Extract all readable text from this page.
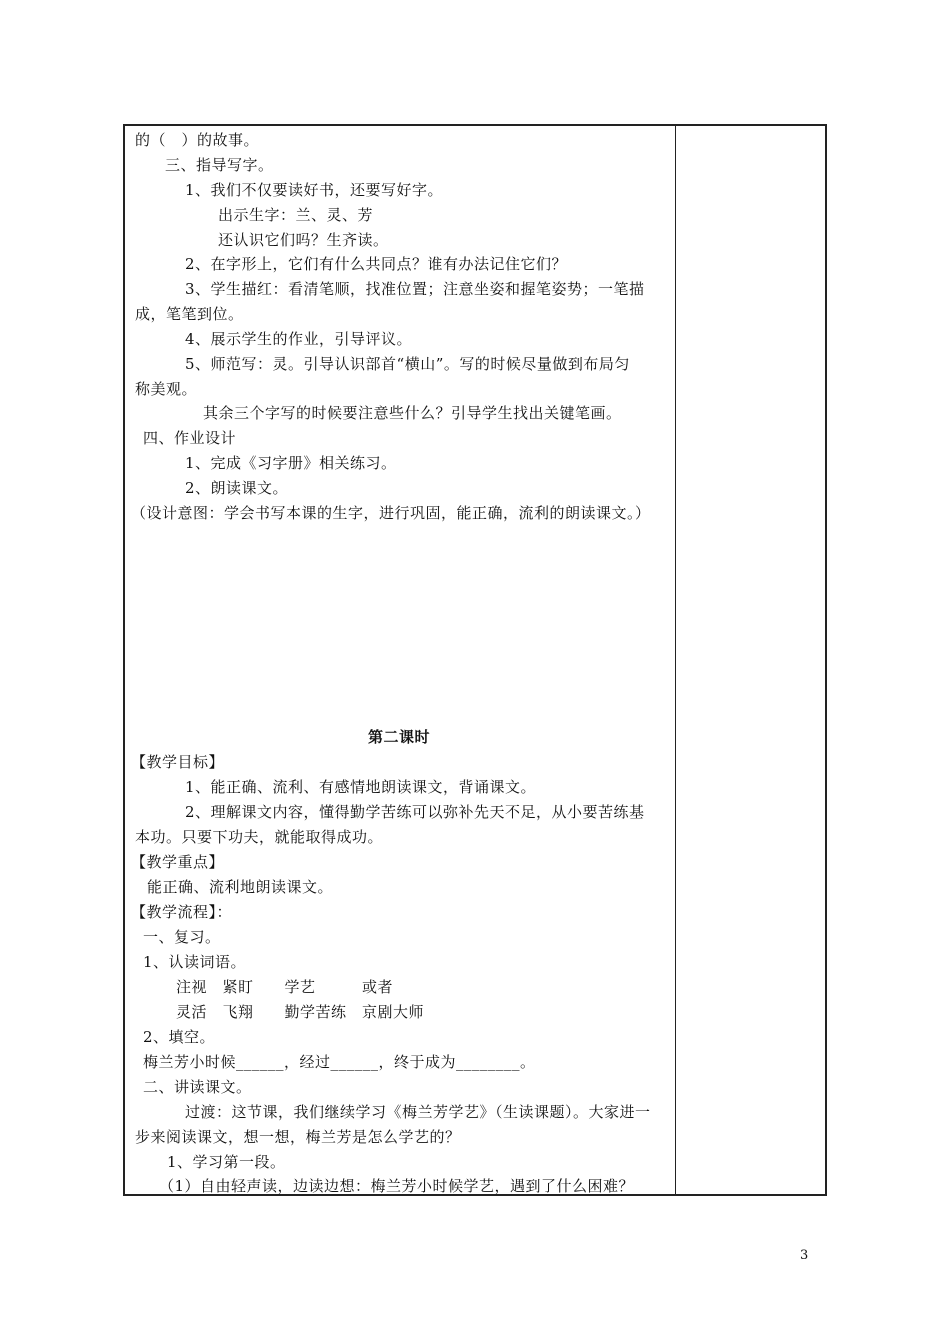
的（　）的故事。
三、指导写字。
1、我们不仅要读好书，还要写好字。
出示生字：兰、灵、芳
还认识它们吗？生齐读。
2、在字形上，它们有什么共同点？谁有办法记住它们？
3、学生描红：看清笔顺，找准位置；注意坐姿和握笔姿势；一笔描
成，笔笔到位。
4、展示学生的作业，引导评议。
5、师范写：灵。引导认识部首“横山”。写的时候尽量做到布局匀
称美观。
其余三个字写的时候要注意些什么？引导学生找出关键笔画。
四、作业设计
1、完成《习字册》相关练习。
2、朗读课文。
（设计意图：学会书写本课的生字，进行巩固，能正确，流利的朗读课文。）
第二课时
【教学目标】
1、能正确、流利、有感情地朗读课文，背诵课文。
2、理解课文内容，懂得勤学苦练可以弥补先天不足，从小要苦练基
本功。只要下功夫，就能取得成功。
【教学重点】
能正确、流利地朗读课文。
【教学流程】：
一、复习。
1、认读词语。
注视　紧盯　　学艺　　　或者
灵活　飞翔　　勤学苦练　京剧大师
2、填空。
梅兰芳小时候______，经过______，终于成为________。
二、讲读课文。
过渡：这节课，我们继续学习《梅兰芳学艺》（生读课题）。大家进一
步来阅读课文，想一想，梅兰芳是怎么学艺的？
1、学习第一段。
（1）自由轻声读，边读边想：梅兰芳小时候学艺，遇到了什么困难？
3
